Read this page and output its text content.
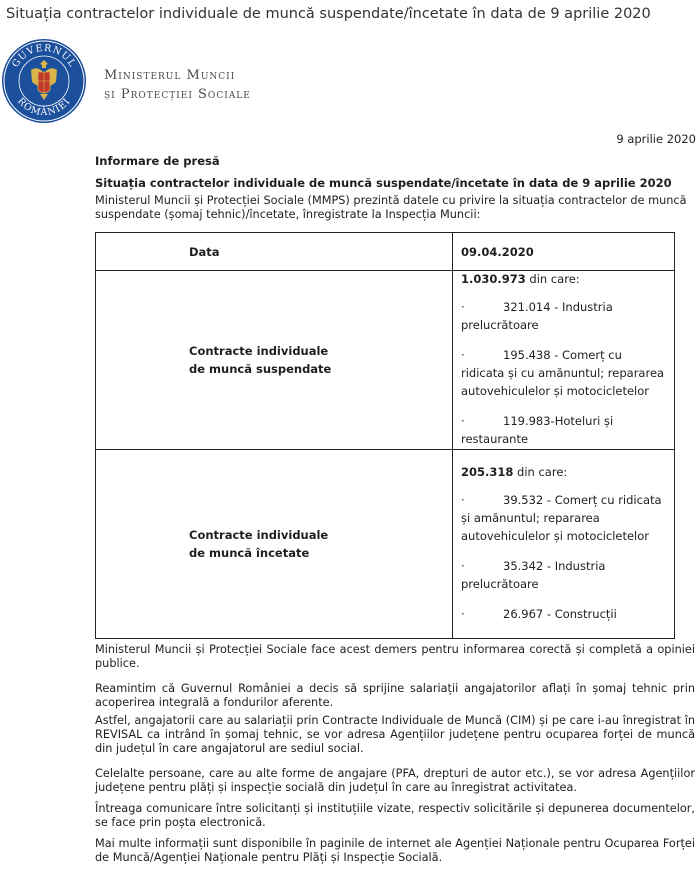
Situația contractelor individuale de muncă suspendate/încetate în data de 9 aprilie 2020
GUVERNUL
ROMÂNIEI
Ministerul Muncii
și Protecției Sociale
9 aprilie 2020
Informare de presă
Situația contractelor individuale de muncă suspendate/încetate în data de 9 aprilie 2020
Ministerul Muncii și Protecției Sociale (MMPS) prezintă datele cu privire la situația contractelor de muncă suspendate (șomaj tehnic)/încetate, înregistrate la Inspecția Muncii:
Data	09.04.2020

Contracte individuale de muncă suspendate	1.030.973 din care:
· 321.014 - Industria prelucrătoare
· 195.438 - Comerț cu ridicata și cu amănuntul; repararea autovehiculelor și motocicletelor
· 119.983-Hoteluri și restaurante

Contracte individuale de muncă încetate	205.318 din care:
· 39.532 - Comerț cu ridicata și amănuntul; repararea autovehiculelor și motocicletelor
· 35.342 - Industria prelucrătoare
· 26.967 - Construcții
Ministerul Muncii și Protecției Sociale face acest demers pentru informarea corectă și completă a opiniei publice.
Reamintim că Guvernul României a decis să sprijine salariații angajatorilor aflați în șomaj tehnic prin acoperirea integrală a fondurilor aferente.
Astfel, angajatorii care au salariații prin Contracte Individuale de Muncă (CIM) și pe care i-au înregistrat în REVISAL ca intrând în șomaj tehnic, se vor adresa Agențiilor județene pentru ocuparea forței de muncă din județul în care angajatorul are sediul social.
Celelalte persoane, care au alte forme de angajare (PFA, drepturi de autor etc.), se vor adresa Agențiilor județene pentru plăți și inspecție socială din județul în care au înregistrat activitatea.
Întreaga comunicare între solicitanți și instituțiile vizate, respectiv solicitările și depunerea documentelor, se face prin poșta electronică.
Mai multe informații sunt disponibile în paginile de internet ale Agenției Naționale pentru Ocuparea Forței de Muncă/Agenției Naționale pentru Plăți și Inspecție Socială.
